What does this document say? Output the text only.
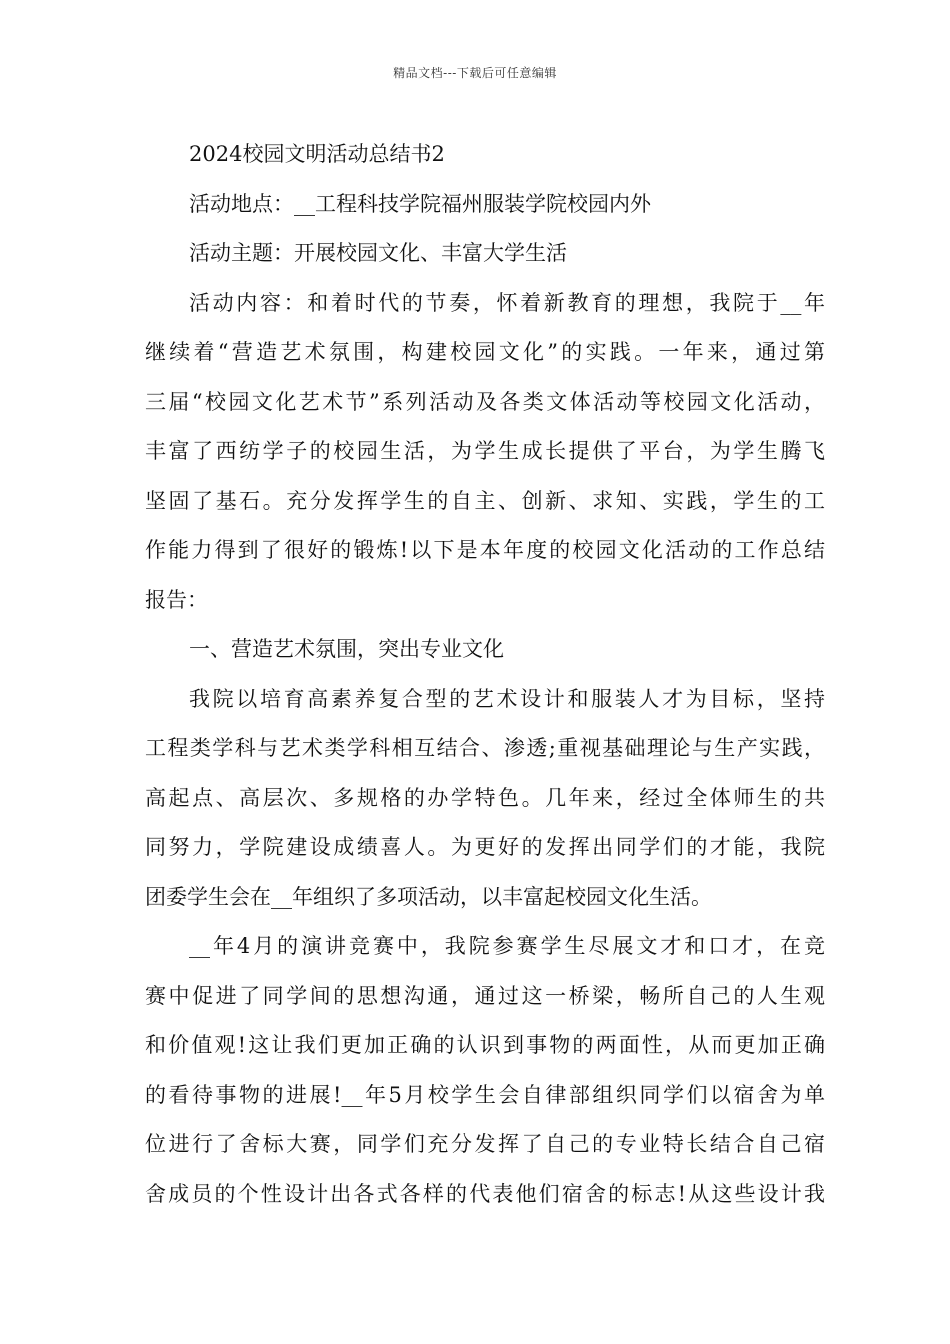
精品文档---下载后可任意编辑
2024校园文明活动总结书2
活动地点：__工程科技学院福州服装学院校园内外
活动主题：开展校园文化、丰富大学生活
活动内容：和着时代的节奏，怀着新教育的理想，我院于__年
继续着“营造艺术氛围，构建校园文化”的实践。一年来，通过第
三届“校园文化艺术节”系列活动及各类文体活动等校园文化活动，
丰富了西纺学子的校园生活，为学生成长提供了平台，为学生腾飞
坚固了基石。充分发挥学生的自主、创新、求知、实践，学生的工
作能力得到了很好的锻炼!以下是本年度的校园文化活动的工作总结
报告：
一、营造艺术氛围，突出专业文化
我院以培育高素养复合型的艺术设计和服装人才为目标，坚持
工程类学科与艺术类学科相互结合、渗透;重视基础理论与生产实践，
高起点、高层次、多规格的办学特色。几年来，经过全体师生的共
同努力，学院建设成绩喜人。为更好的发挥出同学们的才能，我院
团委学生会在__年组织了多项活动，以丰富起校园文化生活。
__年4月的演讲竞赛中，我院参赛学生尽展文才和口才，在竞
赛中促进了同学间的思想沟通，通过这一桥梁，畅所自己的人生观
和价值观!这让我们更加正确的认识到事物的两面性，从而更加正确
的看待事物的进展!__年5月校学生会自律部组织同学们以宿舍为单
位进行了舍标大赛，同学们充分发挥了自己的专业特长结合自己宿
舍成员的个性设计出各式各样的代表他们宿舍的标志!从这些设计我
